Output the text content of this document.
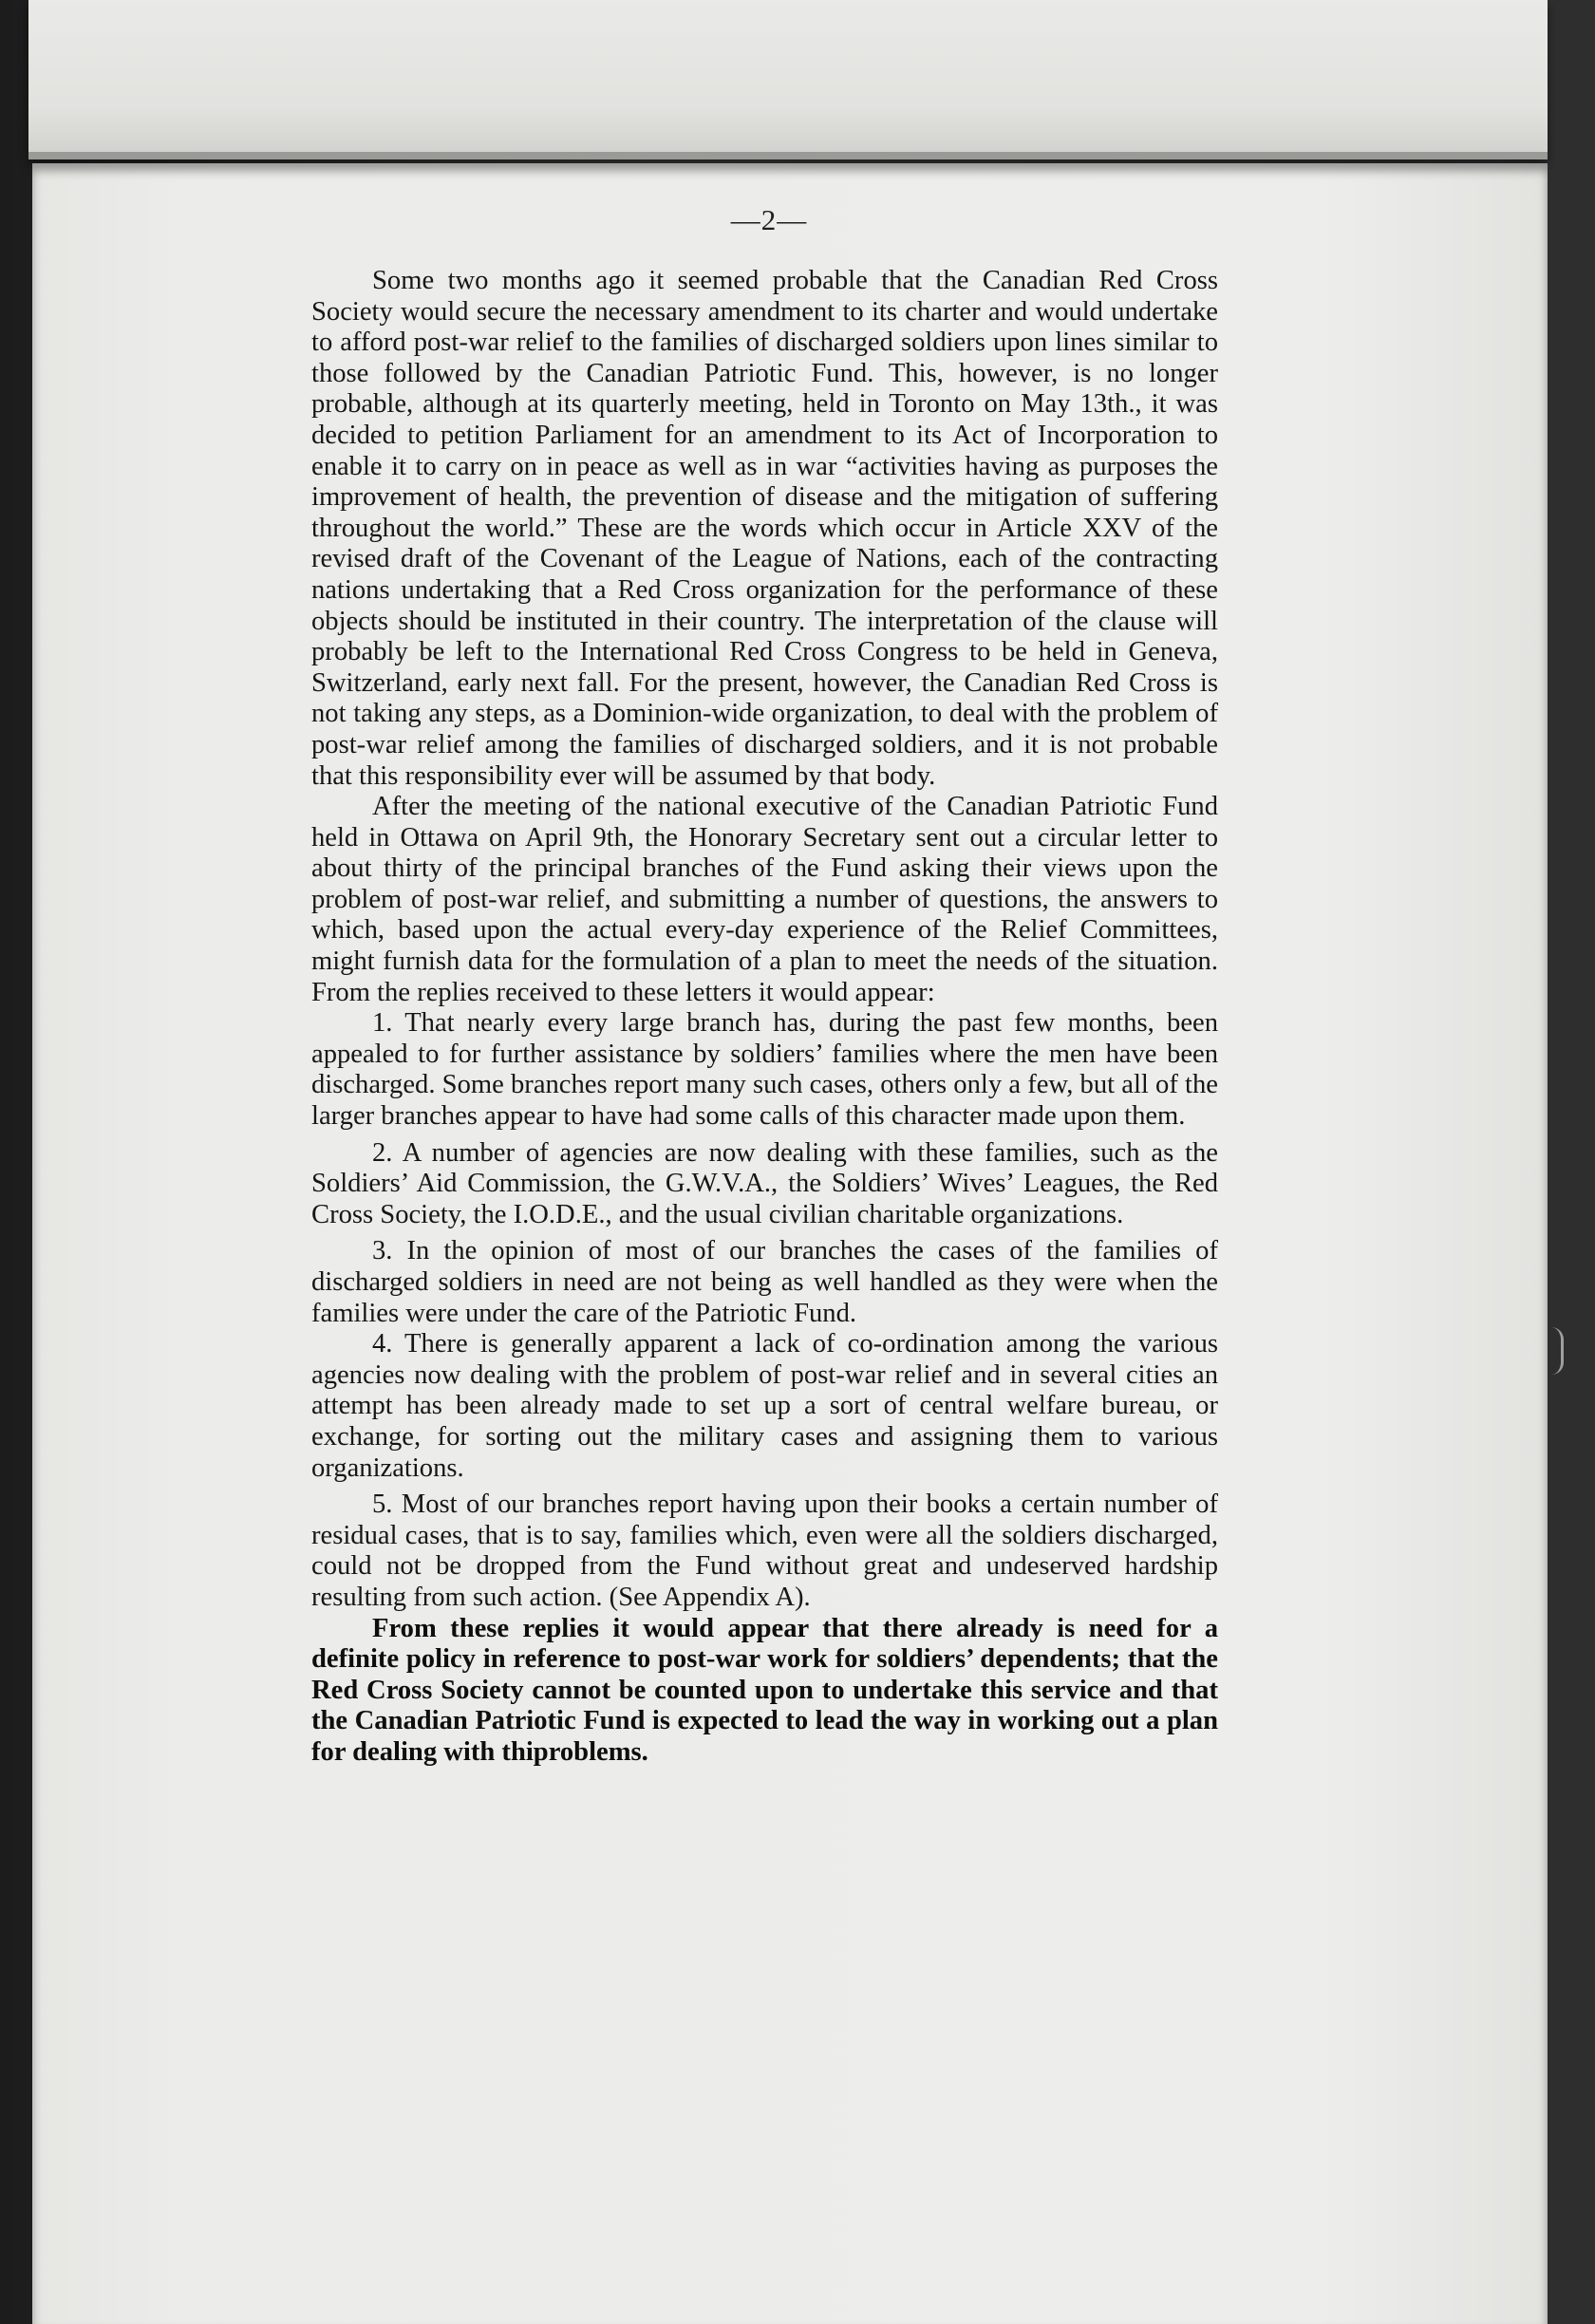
—2—

Some two months ago it seemed probable that the Canadian Red Cross Society would secure the necessary amendment to its charter and would undertake to afford post-war relief to the families of discharged soldiers upon lines similar to those followed by the Canadian Patriotic Fund. This, however, is no longer probable, although at its quarterly meeting, held in Toronto on May 13th., it was decided to petition Parliament for an amendment to its Act of Incorporation to enable it to carry on in peace as well as in war “activities having as purposes the improvement of health, the prevention of disease and the mitigation of suffering throughout the world.” These are the words which occur in Article XXV of the revised draft of the Covenant of the League of Nations, each of the contracting nations undertaking that a Red Cross organization for the performance of these objects should be instituted in their country. The interpretation of the clause will probably be left to the International Red Cross Congress to be held in Geneva, Switzerland, early next fall. For the present, however, the Canadian Red Cross is not taking any steps, as a Dominion-wide organization, to deal with the problem of post-war relief among the families of discharged soldiers, and it is not probable that this responsibility ever will be assumed by that body.

After the meeting of the national executive of the Canadian Patriotic Fund held in Ottawa on April 9th, the Honorary Secretary sent out a circular letter to about thirty of the principal branches of the Fund asking their views upon the problem of post-war relief, and submitting a number of questions, the answers to which, based upon the actual every-day experience of the Relief Committees, might furnish data for the formulation of a plan to meet the needs of the situation. From the replies received to these letters it would appear:

1. That nearly every large branch has, during the past few months, been appealed to for further assistance by soldiers’ families where the men have been discharged. Some branches report many such cases, others only a few, but all of the larger branches appear to have had some calls of this character made upon them.

2. A number of agencies are now dealing with these families, such as the Soldiers’ Aid Commission, the G.W.V.A., the Soldiers’ Wives’ Leagues, the Red Cross Society, the I.O.D.E., and the usual civilian charitable organizations.

3. In the opinion of most of our branches the cases of the families of discharged soldiers in need are not being as well handled as they were when the families were under the care of the Patriotic Fund.

4. There is generally apparent a lack of co-ordination among the various agencies now dealing with the problem of post-war relief and in several cities an attempt has been already made to set up a sort of central welfare bureau, or exchange, for sorting out the military cases and assigning them to various organizations.

5. Most of our branches report having upon their books a certain number of residual cases, that is to say, families which, even were all the soldiers discharged, could not be dropped from the Fund without great and undeserved hardship resulting from such action. (See Appendix A).

From these replies it would appear that there already is need for a definite policy in reference to post-war work for soldiers’ dependents; that the Red Cross Society cannot be counted upon to undertake this service and that the Canadian Patriotic Fund is expected to lead the way in working out a plan for dealing with thiproblems.
